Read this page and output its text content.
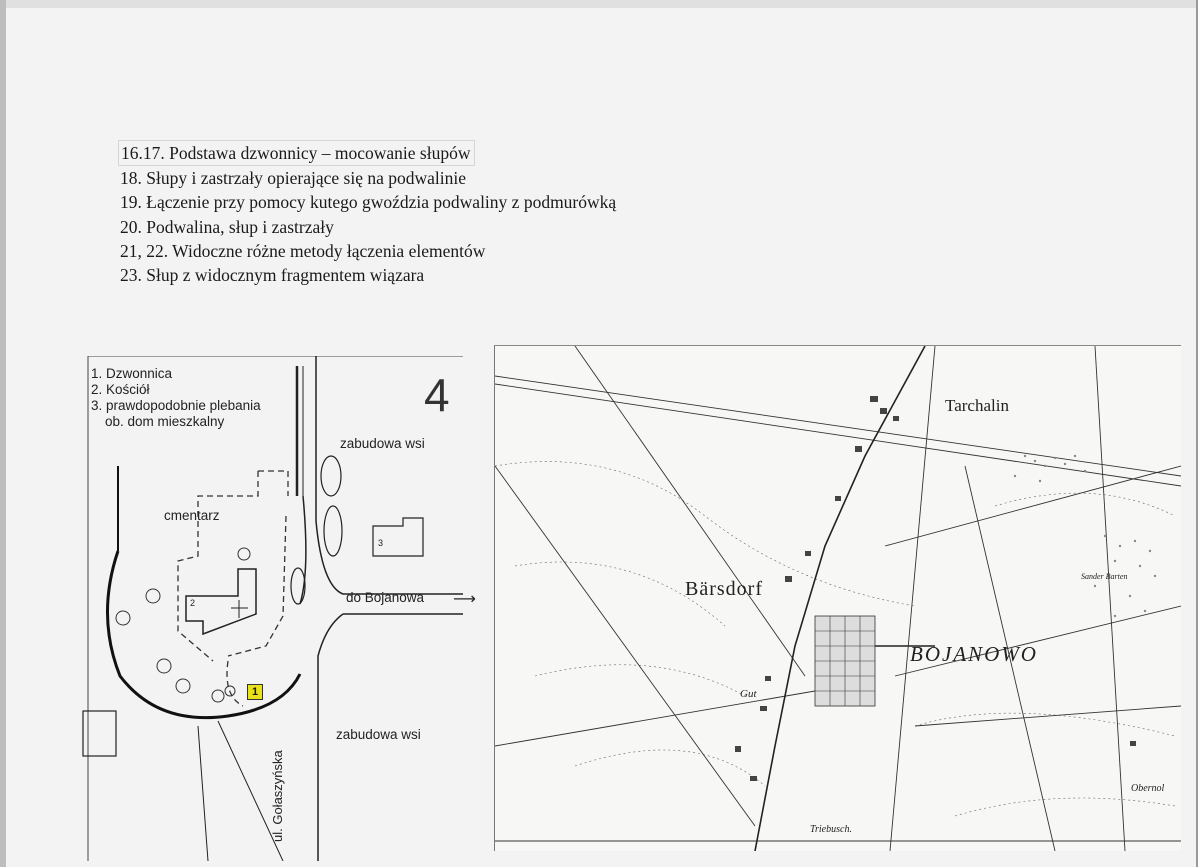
16.17. Podstawa dzwonnicy – mocowanie słupów
18. Słupy i zastrzały opierające się na podwalinie
19. Łączenie przy pomocy kutego gwoździa podwaliny z podmurówką
20. Podwalina, słup i zastrzały
21, 22. Widoczne różne metody łączenia elementów
23. Słup z widocznym fragmentem wiązara
1. Dzwonnica
2. Kościół
3. prawdopodobnie plebania
ob. dom mieszkalny
4
zabudowa wsi
zabudowa wsi
cmentarz
do Bojanowa ⟶
3
2
ul. Gołaszyńska
1
Tarchalin
Bärsdorf
BOJANOWO
Gut
Triebusch.
Obernol
Sander Barten
